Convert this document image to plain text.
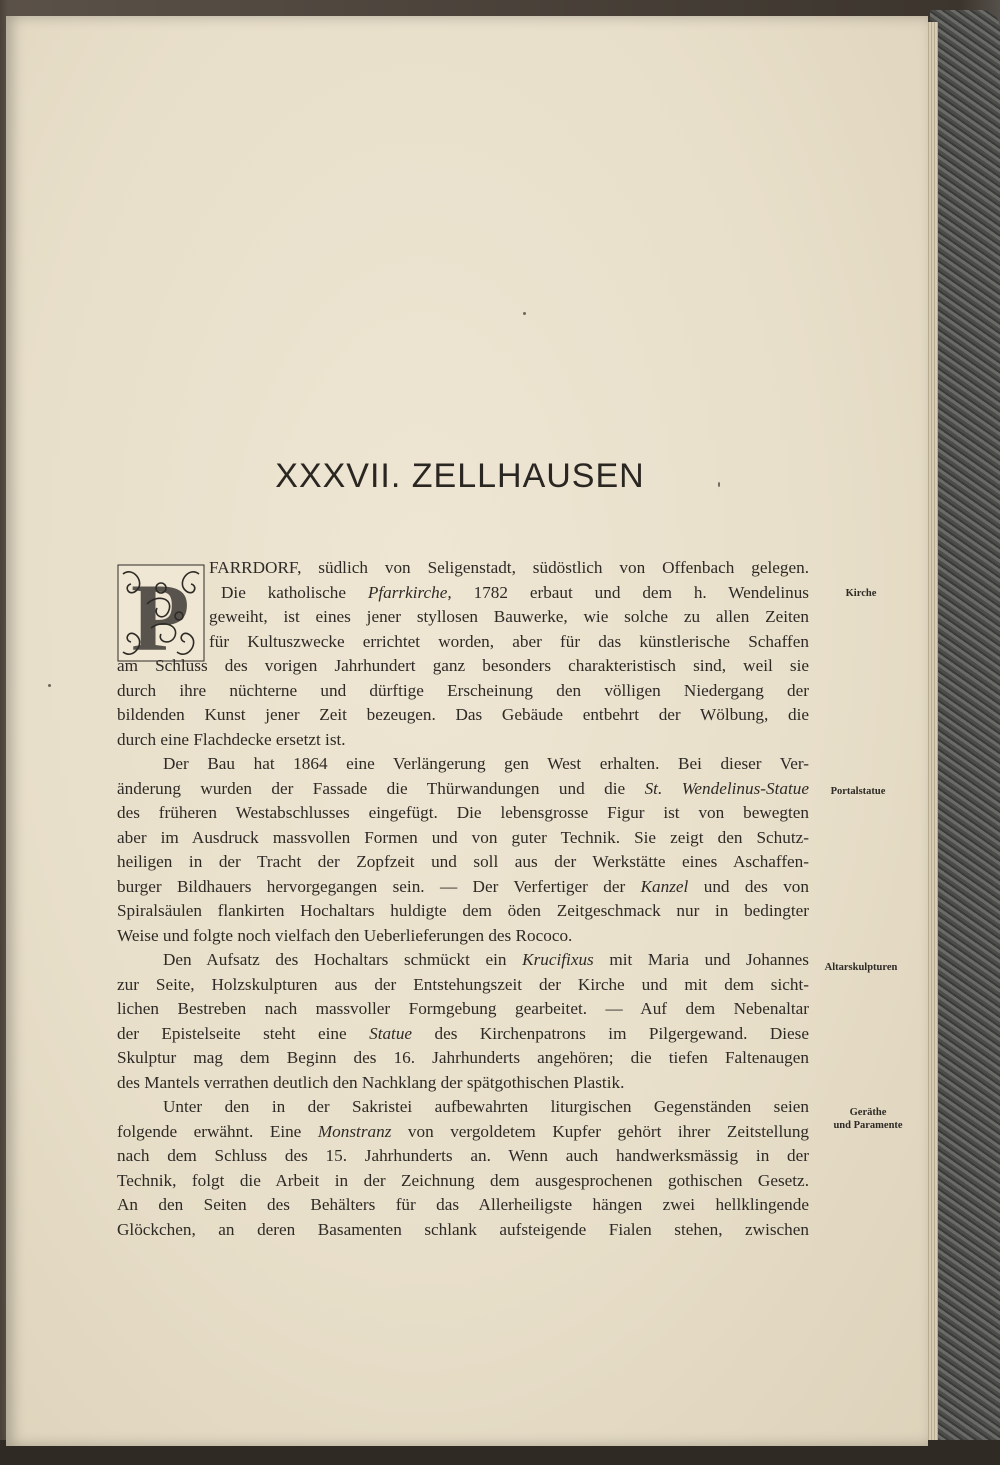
XXXVII. ZELLHAUSEN
P	FARRDORF, südlich von Seligenstadt, südöstlich von Offenbach gelegen.
Die katholische Pfarrkirche, 1782 erbaut und dem h. Wendelinus
geweiht, ist eines jener styllosen Bauwerke, wie solche zu allen Zeiten
für Kultuszwecke errichtet worden, aber für das künstlerische Schaffen
am Schluss des vorigen Jahrhundert ganz besonders charakteristisch sind, weil sie
durch ihre nüchterne und dürftige Erscheinung den völligen Niedergang der
bildenden Kunst jener Zeit bezeugen. Das Gebäude entbehrt der Wölbung, die
durch eine Flachdecke ersetzt ist.
Der Bau hat 1864 eine Verlängerung gen West erhalten. Bei dieser Ver-
änderung wurden der Fassade die Thürwandungen und die St. Wendelinus-Statue
des früheren Westabschlusses eingefügt. Die lebensgrosse Figur ist von bewegten
aber im Ausdruck massvollen Formen und von guter Technik. Sie zeigt den Schutz-
heiligen in der Tracht der Zopfzeit und soll aus der Werkstätte eines Aschaffen-
burger Bildhauers hervorgegangen sein. — Der Verfertiger der Kanzel und des von
Spiralsäulen flankirten Hochaltars huldigte dem öden Zeitgeschmack nur in bedingter
Weise und folgte noch vielfach den Ueberlieferungen des Rococo.
Den Aufsatz des Hochaltars schmückt ein Krucifixus mit Maria und Johannes
zur Seite, Holzskulpturen aus der Entstehungszeit der Kirche und mit dem sicht-
lichen Bestreben nach massvoller Formgebung gearbeitet. — Auf dem Nebenaltar
der Epistelseite steht eine Statue des Kirchenpatrons im Pilgergewand. Diese
Skulptur mag dem Beginn des 16. Jahrhunderts angehören; die tiefen Faltenaugen
des Mantels verrathen deutlich den Nachklang der spätgothischen Plastik.
Unter den in der Sakristei aufbewahrten liturgischen Gegenständen seien
folgende erwähnt. Eine Monstranz von vergoldetem Kupfer gehört ihrer Zeitstellung
nach dem Schluss des 15. Jahrhunderts an. Wenn auch handwerksmässig in der
Technik, folgt die Arbeit in der Zeichnung dem ausgesprochenen gothischen Gesetz.
An den Seiten des Behälters für das Allerheiligste hängen zwei hellklingende
Glöckchen, an deren Basamenten schlank aufsteigende Fialen stehen, zwischen
Kirche
Portalstatue
Altarskulpturen
Geräthe
und Paramente
